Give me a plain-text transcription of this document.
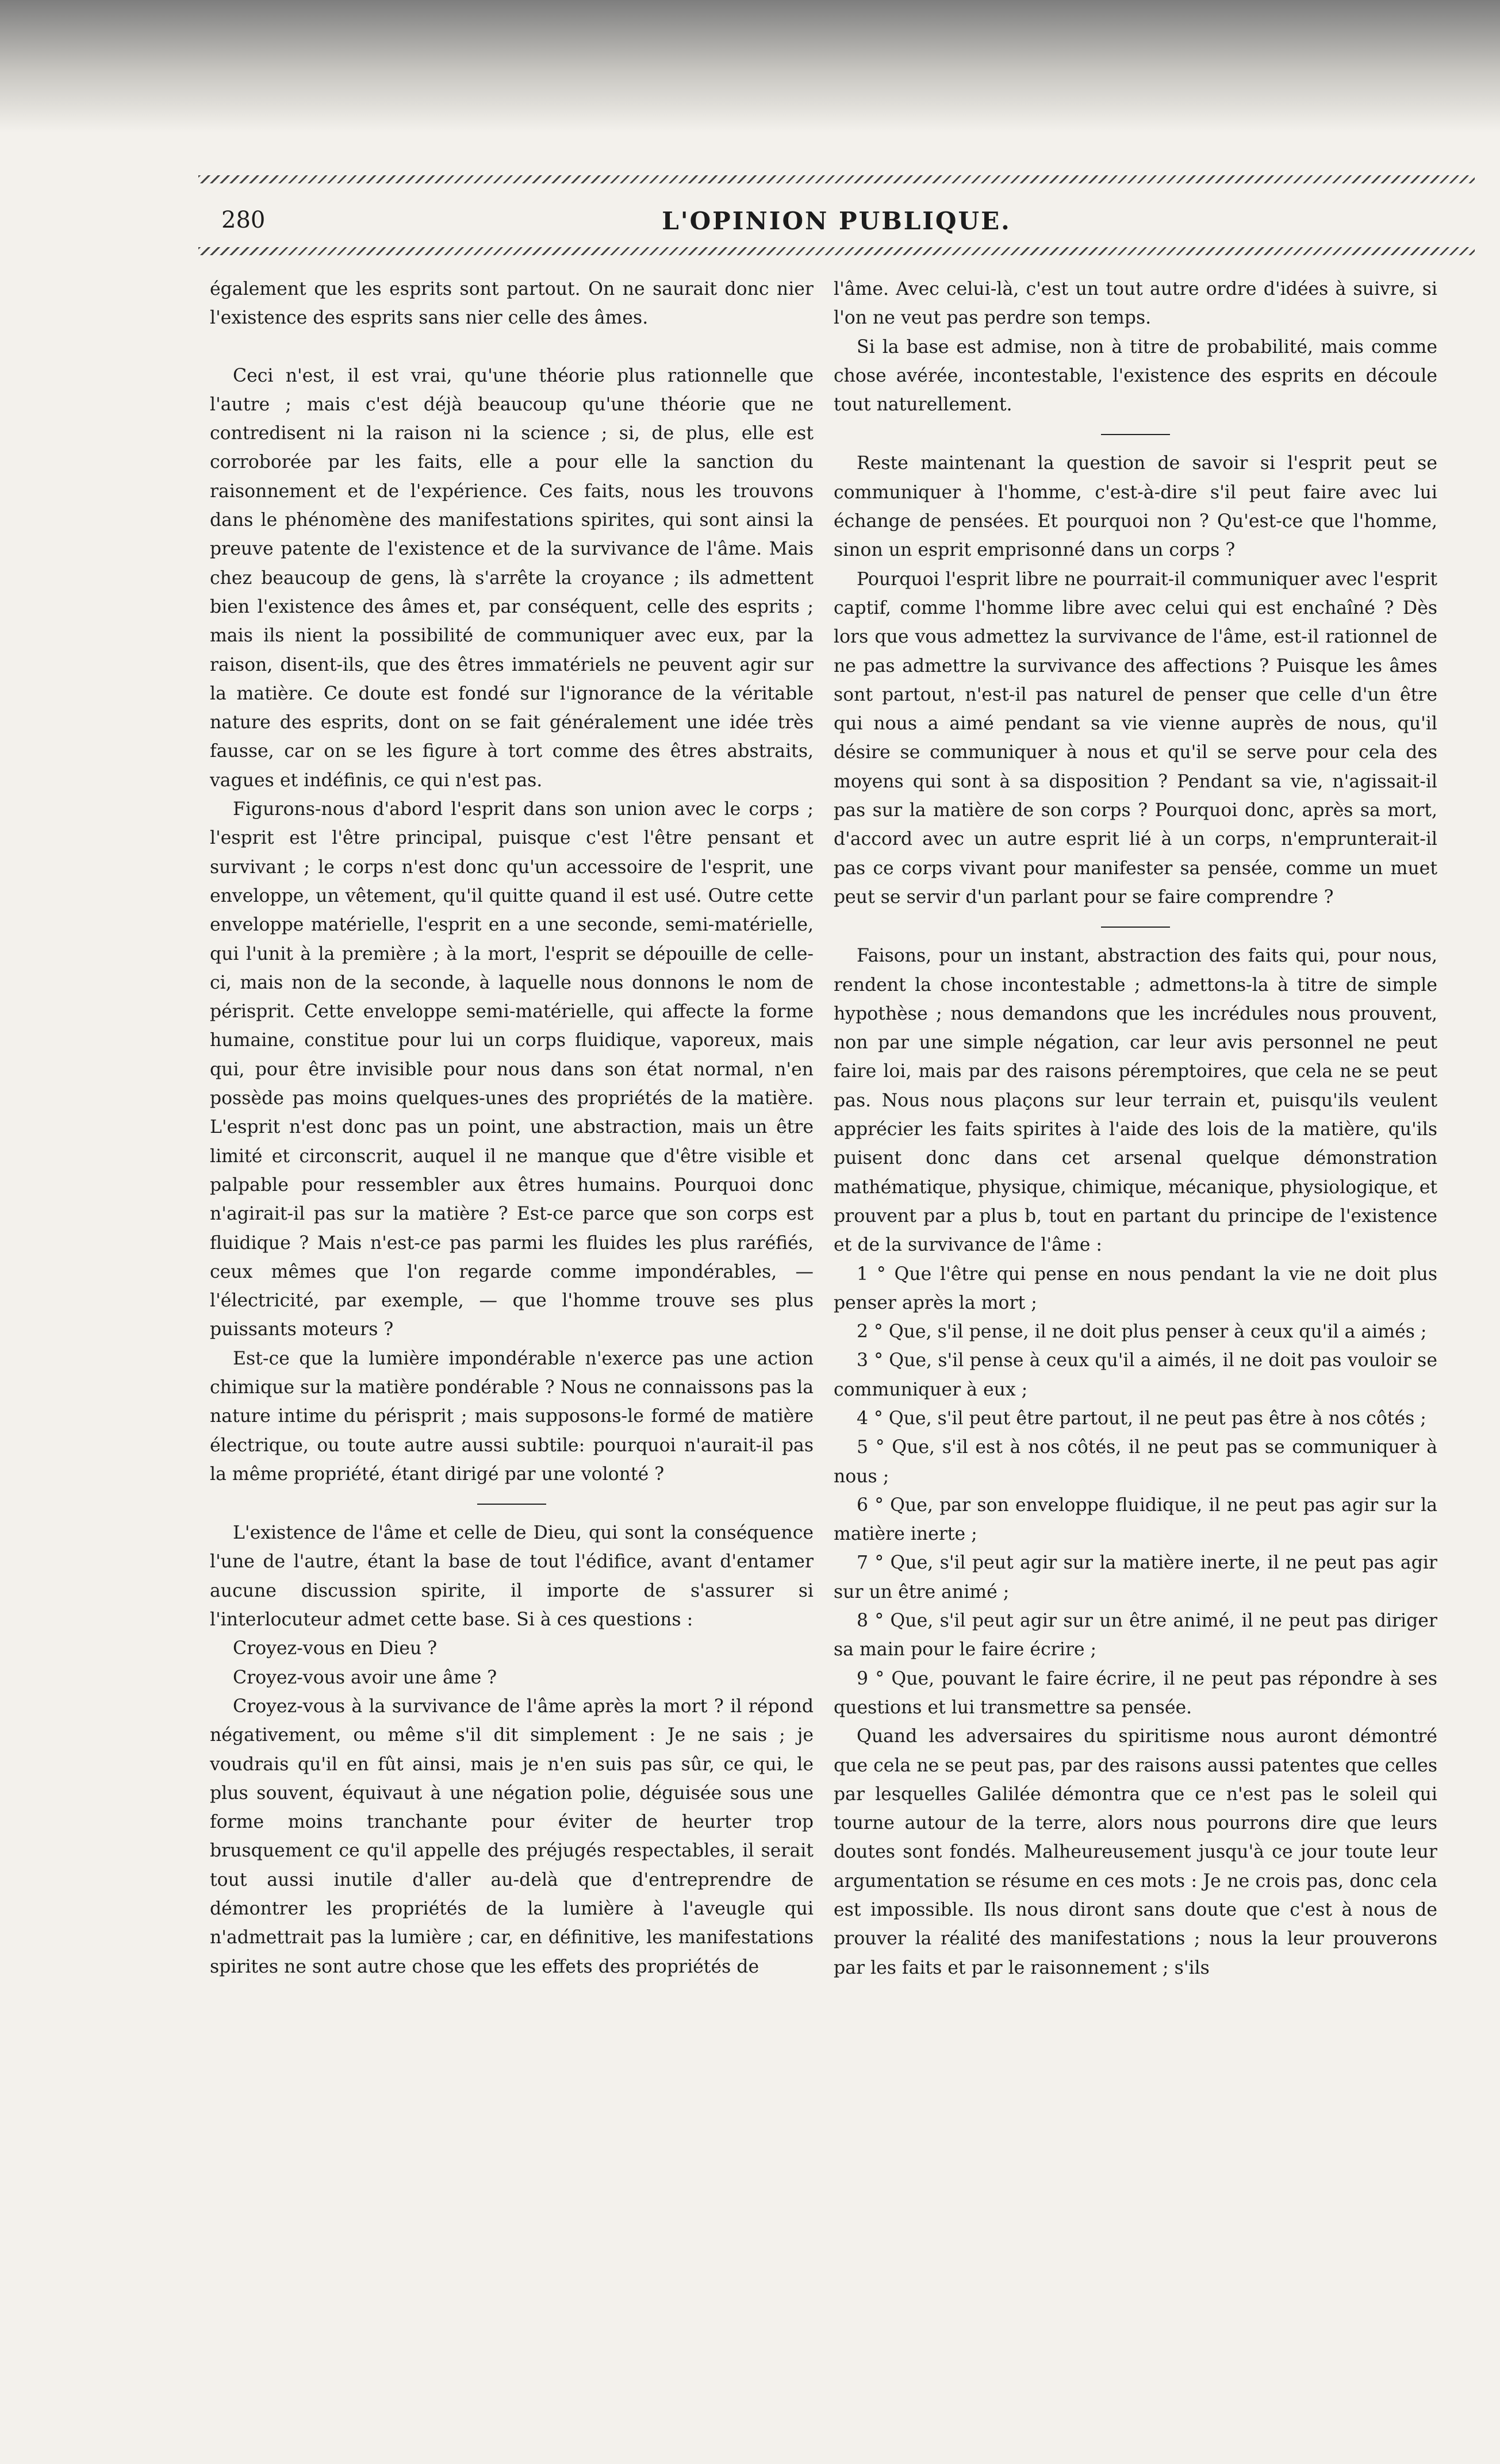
280	L'OPINION PUBLIQUE.

également que les esprits sont partout. On ne saurait donc nier l'existence des esprits sans nier celle des âmes.

Ceci n'est, il est vrai, qu'une théorie plus rationnelle que l'autre ; mais c'est déjà beaucoup qu'une théorie que ne contredisent ni la raison ni la science ; si, de plus, elle est corroborée par les faits, elle a pour elle la sanction du raisonnement et de l'expérience. Ces faits, nous les trouvons dans le phénomène des manifestations spirites, qui sont ainsi la preuve patente de l'existence et de la survivance de l'âme. Mais chez beaucoup de gens, là s'arrête la croyance ; ils admettent bien l'existence des âmes et, par conséquent, celle des esprits ; mais ils nient la possibilité de communiquer avec eux, par la raison, disent-ils, que des êtres immatériels ne peuvent agir sur la matière. Ce doute est fondé sur l'ignorance de la véritable nature des esprits, dont on se fait généralement une idée très fausse, car on se les figure à tort comme des êtres abstraits, vagues et indéfinis, ce qui n'est pas.

Figurons-nous d'abord l'esprit dans son union avec le corps ; l'esprit est l'être principal, puisque c'est l'être pensant et survivant ; le corps n'est donc qu'un accessoire de l'esprit, une enveloppe, un vêtement, qu'il quitte quand il est usé. Outre cette enveloppe matérielle, l'esprit en a une seconde, semi-matérielle, qui l'unit à la première ; à la mort, l'esprit se dépouille de celle-ci, mais non de la seconde, à laquelle nous donnons le nom de périsprit. Cette enveloppe semi-matérielle, qui affecte la forme humaine, constitue pour lui un corps fluidique, vaporeux, mais qui, pour être invisible pour nous dans son état normal, n'en possède pas moins quelques-unes des propriétés de la matière. L'esprit n'est donc pas un point, une abstraction, mais un être limité et circonscrit, auquel il ne manque que d'être visible et palpable pour ressembler aux êtres humains. Pourquoi donc n'agirait-il pas sur la matière ? Est-ce parce que son corps est fluidique ? Mais n'est-ce pas parmi les fluides les plus raréfiés, ceux mêmes que l'on regarde comme impondérables, — l'électricité, par exemple, — que l'homme trouve ses plus puissants moteurs ?

Est-ce que la lumière impondérable n'exerce pas une action chimique sur la matière pondérable ? Nous ne connaissons pas la nature intime du périsprit ; mais supposons-le formé de matière électrique, ou toute autre aussi subtile: pourquoi n'aurait-il pas la même propriété, étant dirigé par une volonté ?

L'existence de l'âme et celle de Dieu, qui sont la conséquence l'une de l'autre, étant la base de tout l'édifice, avant d'entamer aucune discussion spirite, il importe de s'assurer si l'interlocuteur admet cette base. Si à ces questions :

Croyez-vous en Dieu ?

Croyez-vous avoir une âme ?

Croyez-vous à la survivance de l'âme après la mort ? il répond négativement, ou même s'il dit simplement : Je ne sais ; je voudrais qu'il en fût ainsi, mais je n'en suis pas sûr, ce qui, le plus souvent, équivaut à une négation polie, déguisée sous une forme moins tranchante pour éviter de heurter trop brusquement ce qu'il appelle des préjugés respectables, il serait tout aussi inutile d'aller au-delà que d'entreprendre de démontrer les propriétés de la lumière à l'aveugle qui n'admettrait pas la lumière ; car, en définitive, les manifestations spirites ne sont autre chose que les effets des propriétés de

l'âme. Avec celui-là, c'est un tout autre ordre d'idées à suivre, si l'on ne veut pas perdre son temps.

Si la base est admise, non à titre de probabilité, mais comme chose avérée, incontestable, l'existence des esprits en découle tout naturellement.

Reste maintenant la question de savoir si l'esprit peut se communiquer à l'homme, c'est-à-dire s'il peut faire avec lui échange de pensées. Et pourquoi non ? Qu'est-ce que l'homme, sinon un esprit emprisonné dans un corps ?

Pourquoi l'esprit libre ne pourrait-il communiquer avec l'esprit captif, comme l'homme libre avec celui qui est enchaîné ? Dès lors que vous admettez la survivance de l'âme, est-il rationnel de ne pas admettre la survivance des affections ? Puisque les âmes sont partout, n'est-il pas naturel de penser que celle d'un être qui nous a aimé pendant sa vie vienne auprès de nous, qu'il désire se communiquer à nous et qu'il se serve pour cela des moyens qui sont à sa disposition ? Pendant sa vie, n'agissait-il pas sur la matière de son corps ? Pourquoi donc, après sa mort, d'accord avec un autre esprit lié à un corps, n'emprunterait-il pas ce corps vivant pour manifester sa pensée, comme un muet peut se servir d'un parlant pour se faire comprendre ?

Faisons, pour un instant, abstraction des faits qui, pour nous, rendent la chose incontestable ; admettons-la à titre de simple hypothèse ; nous demandons que les incrédules nous prouvent, non par une simple négation, car leur avis personnel ne peut faire loi, mais par des raisons péremptoires, que cela ne se peut pas. Nous nous plaçons sur leur terrain et, puisqu'ils veulent apprécier les faits spirites à l'aide des lois de la matière, qu'ils puisent donc dans cet arsenal quelque démonstration mathématique, physique, chimique, mécanique, physiologique, et prouvent par a plus b, tout en partant du principe de l'existence et de la survivance de l'âme :

1 ° Que l'être qui pense en nous pendant la vie ne doit plus penser après la mort ;

2 ° Que, s'il pense, il ne doit plus penser à ceux qu'il a aimés ;

3 ° Que, s'il pense à ceux qu'il a aimés, il ne doit pas vouloir se communiquer à eux ;

4 ° Que, s'il peut être partout, il ne peut pas être à nos côtés ;

5 ° Que, s'il est à nos côtés, il ne peut pas se communiquer à nous ;

6 ° Que, par son enveloppe fluidique, il ne peut pas agir sur la matière inerte ;

7 ° Que, s'il peut agir sur la matière inerte, il ne peut pas agir sur un être animé ;

8 ° Que, s'il peut agir sur un être animé, il ne peut pas diriger sa main pour le faire écrire ;

9 ° Que, pouvant le faire écrire, il ne peut pas répondre à ses questions et lui transmettre sa pensée.

Quand les adversaires du spiritisme nous auront démontré que cela ne se peut pas, par des raisons aussi patentes que celles par lesquelles Galilée démontra que ce n'est pas le soleil qui tourne autour de la terre, alors nous pourrons dire que leurs doutes sont fondés. Malheureusement jusqu'à ce jour toute leur argumentation se résume en ces mots : Je ne crois pas, donc cela est impossible. Ils nous diront sans doute que c'est à nous de prouver la réalité des manifestations ; nous la leur prouverons par les faits et par le raisonnement ; s'ils
